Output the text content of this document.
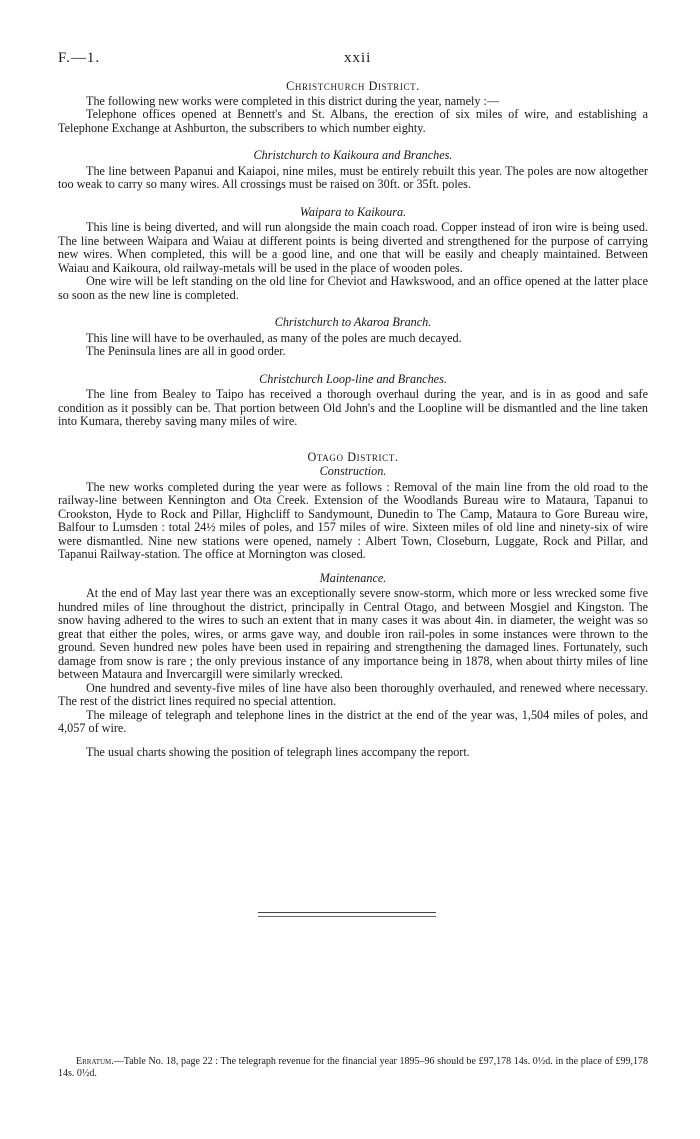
F.—1.	xxii
Christchurch District.

The following new works were completed in this district during the year, namely :—

Telephone offices opened at Bennett's and St. Albans, the erection of six miles of wire, and establishing a Telephone Exchange at Ashburton, the subscribers to which number eighty.

Christchurch to Kaikoura and Branches.

The line between Papanui and Kaiapoi, nine miles, must be entirely rebuilt this year. The poles are now altogether too weak to carry so many wires. All crossings must be raised on 30ft. or 35ft. poles.

Waipara to Kaikoura.

This line is being diverted, and will run alongside the main coach road. Copper instead of iron wire is being used. The line between Waipara and Waiau at different points is being diverted and strengthened for the purpose of carrying new wires. When completed, this will be a good line, and one that will be easily and cheaply maintained. Between Waiau and Kaikoura, old railway-metals will be used in the place of wooden poles.

One wire will be left standing on the old line for Cheviot and Hawkswood, and an office opened at the latter place so soon as the new line is completed.

Christchurch to Akaroa Branch.

This line will have to be overhauled, as many of the poles are much decayed.

The Peninsula lines are all in good order.

Christchurch Loop-line and Branches.

The line from Bealey to Taipo has received a thorough overhaul during the year, and is in as good and safe condition as it possibly can be. That portion between Old John's and the Loopline will be dismantled and the line taken into Kumara, thereby saving many miles of wire.

Otago District.
Construction.

The new works completed during the year were as follows : Removal of the main line from the old road to the railway-line between Kennington and Ota Creek. Extension of the Woodlands Bureau wire to Mataura, Tapanui to Crookston, Hyde to Rock and Pillar, Highcliff to Sandymount, Dunedin to The Camp, Mataura to Gore Bureau wire, Balfour to Lumsden : total 24½ miles of poles, and 157 miles of wire. Sixteen miles of old line and ninety-six of wire were dismantled. Nine new stations were opened, namely : Albert Town, Closeburn, Luggate, Rock and Pillar, and Tapanui Railway-station. The office at Mornington was closed.

Maintenance.

At the end of May last year there was an exceptionally severe snow-storm, which more or less wrecked some five hundred miles of line throughout the district, principally in Central Otago, and between Mosgiel and Kingston. The snow having adhered to the wires to such an extent that in many cases it was about 4in. in diameter, the weight was so great that either the poles, wires, or arms gave way, and double iron rail-poles in some instances were thrown to the ground. Seven hundred new poles have been used in repairing and strengthening the damaged lines. Fortunately, such damage from snow is rare ; the only previous instance of any importance being in 1878, when about thirty miles of line between Mataura and Invercargill were similarly wrecked.

One hundred and seventy-five miles of line have also been thoroughly overhauled, and renewed where necessary. The rest of the district lines required no special attention.

The mileage of telegraph and telephone lines in the district at the end of the year was, 1,504 miles of poles, and 4,057 of wire.

The usual charts showing the position of telegraph lines accompany the report.

Erratum.—Table No. 18, page 22 : The telegraph revenue for the financial year 1895–96 should be £97,178 14s. 0½d. in the place of £99,178 14s. 0½d.
